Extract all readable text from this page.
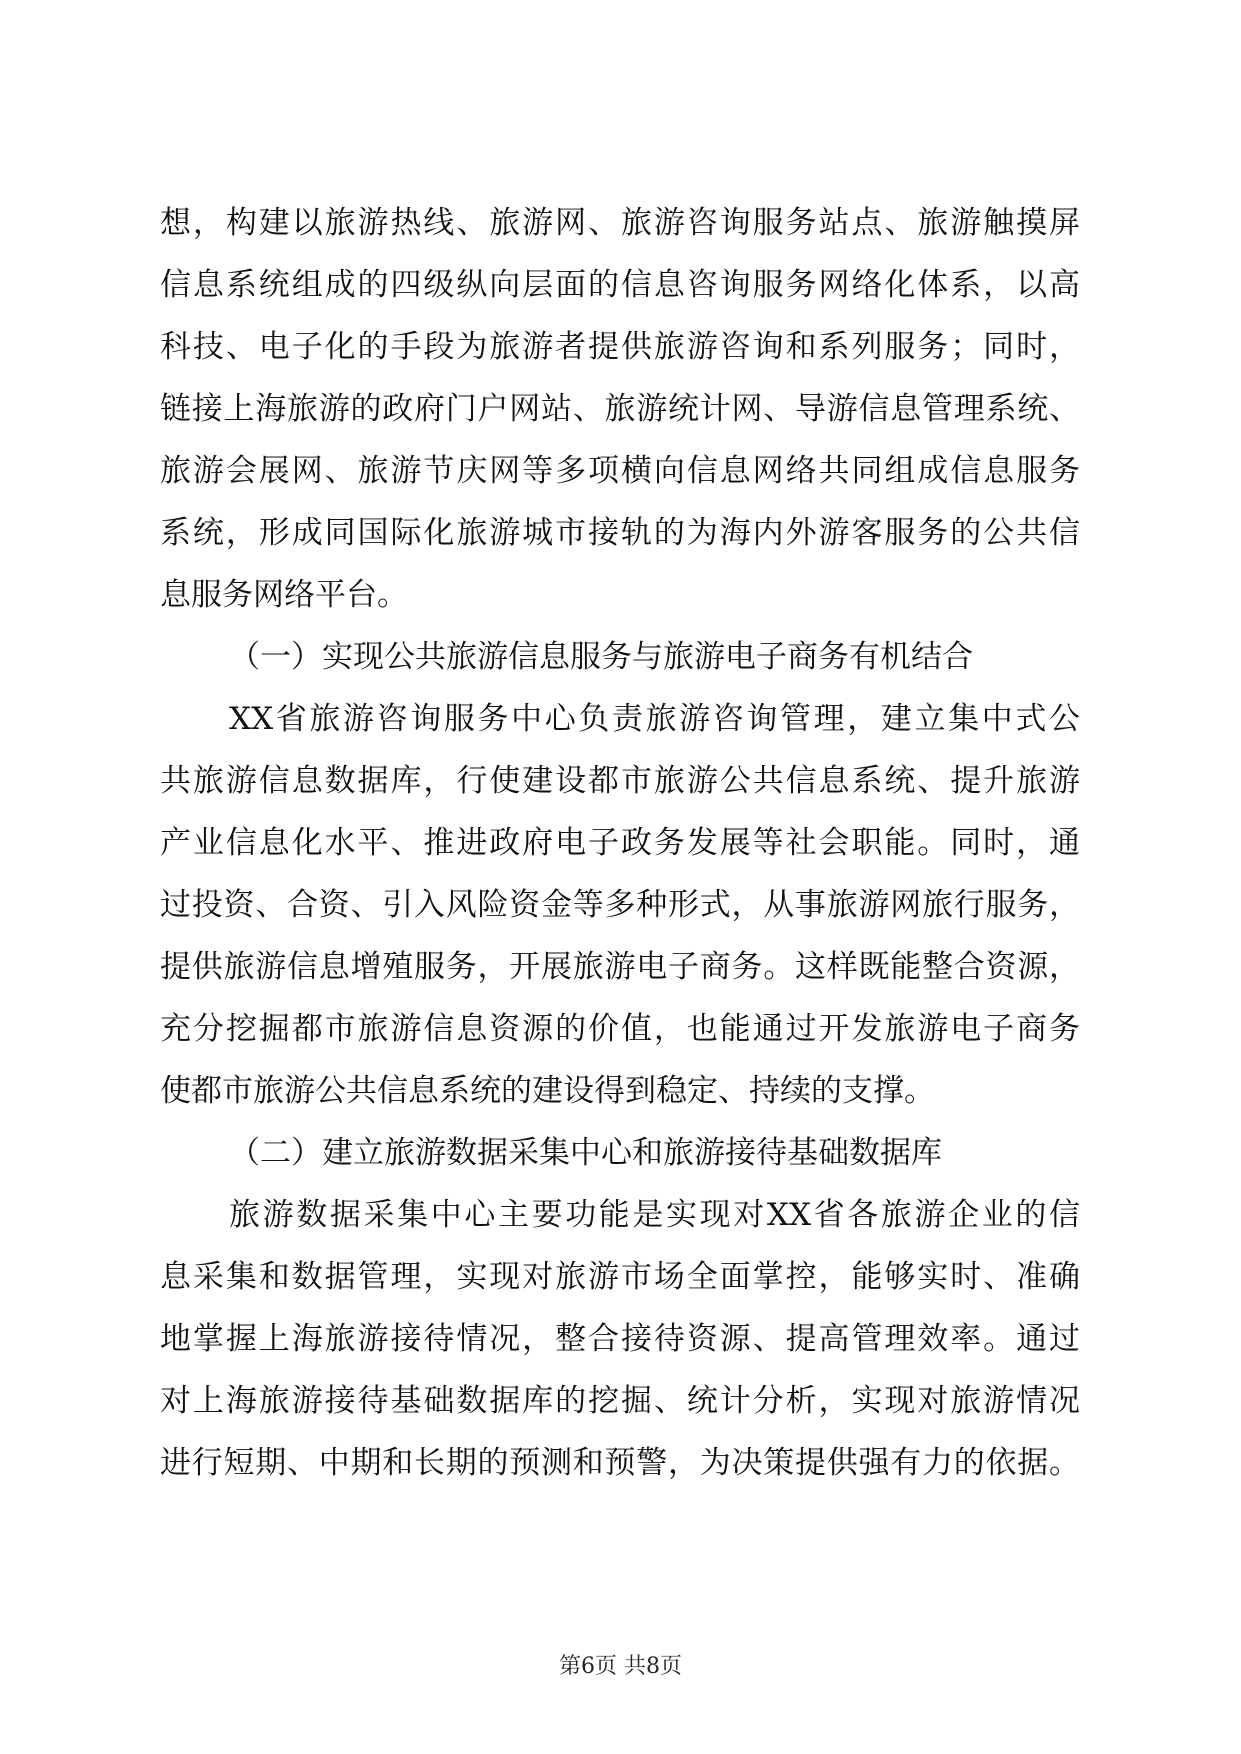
想，构建以旅游热线、旅游网、旅游咨询服务站点、旅游触摸屏
信息系统组成的四级纵向层面的信息咨询服务网络化体系，以高
科技、电子化的手段为旅游者提供旅游咨询和系列服务；同时，
链接上海旅游的政府门户网站、旅游统计网、导游信息管理系统、
旅游会展网、旅游节庆网等多项横向信息网络共同组成信息服务
系统，形成同国际化旅游城市接轨的为海内外游客服务的公共信
息服务网络平台。
（一）实现公共旅游信息服务与旅游电子商务有机结合
XX省旅游咨询服务中心负责旅游咨询管理，建立集中式公
共旅游信息数据库，行使建设都市旅游公共信息系统、提升旅游
产业信息化水平、推进政府电子政务发展等社会职能。同时，通
过投资、合资、引入风险资金等多种形式，从事旅游网旅行服务，
提供旅游信息增殖服务，开展旅游电子商务。这样既能整合资源，
充分挖掘都市旅游信息资源的价值，也能通过开发旅游电子商务
使都市旅游公共信息系统的建设得到稳定、持续的支撑。
（二）建立旅游数据采集中心和旅游接待基础数据库
旅游数据采集中心主要功能是实现对XX省各旅游企业的信
息采集和数据管理，实现对旅游市场全面掌控，能够实时、准确
地掌握上海旅游接待情况，整合接待资源、提高管理效率。通过
对上海旅游接待基础数据库的挖掘、统计分析，实现对旅游情况
进行短期、中期和长期的预测和预警，为决策提供强有力的依据。
第6页 共8页
